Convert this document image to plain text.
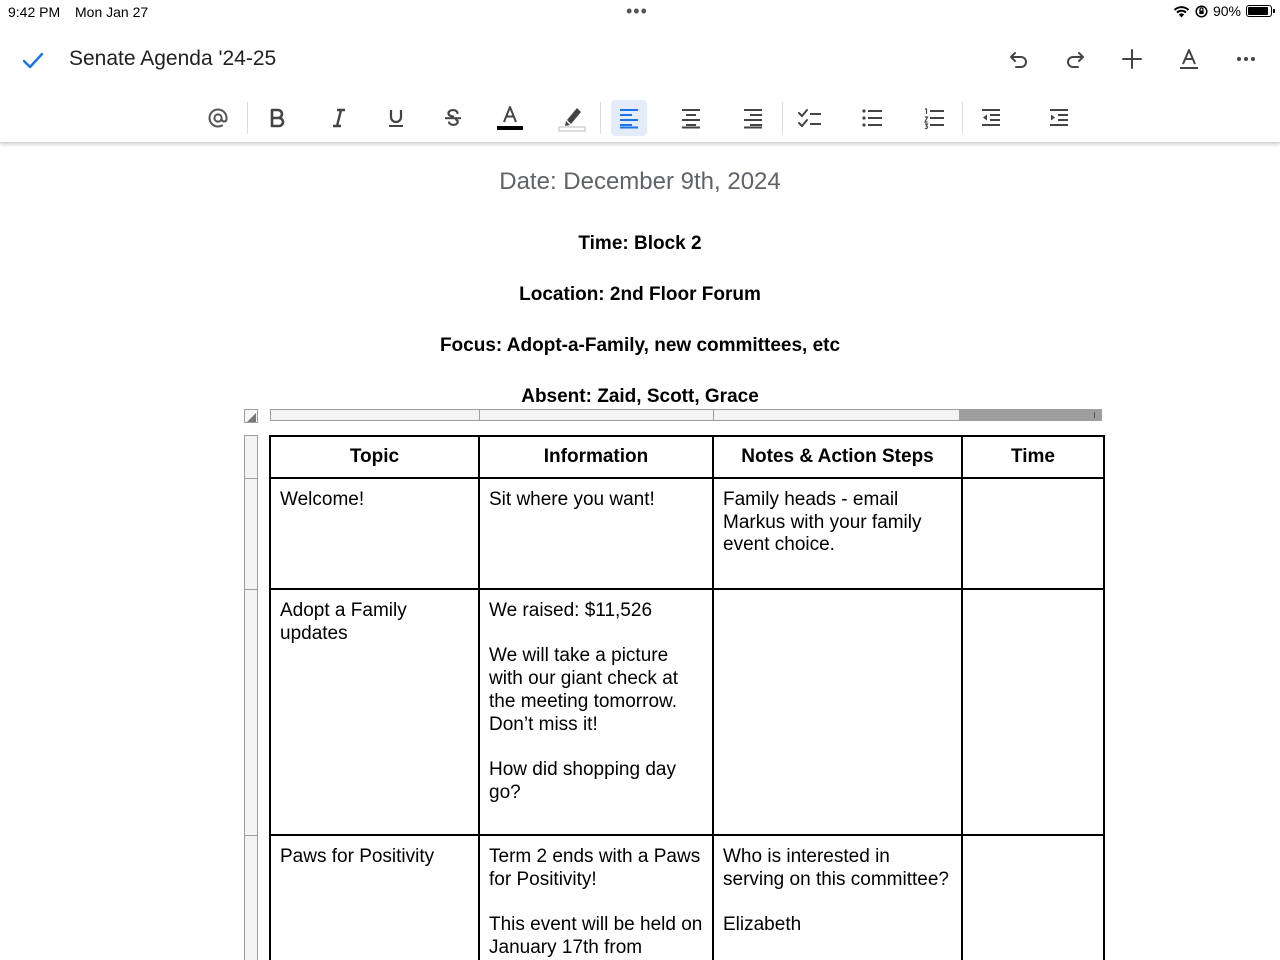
9:42 PM Mon Jan 27	•••	90%
Senate Agenda '24-25
Date: December 9th, 2024
Time: Block 2
Location: 2nd Floor Forum
Focus: Adopt-a-Family, new committees, etc
Absent: Zaid, Scott, Grace
Topic	Information	Notes & Action Steps	Time
Welcome!	Sit where you want!	Family heads - email Markus with your family event choice.	
Adopt a Family updates	We raised: $11,526

We will take a picture with our giant check at the meeting tomorrow. Don’t miss it!

How did shopping day go?		
Paws for Positivity	Term 2 ends with a Paws for Positivity!

This event will be held on January 17th from	Who is interested in serving on this committee?

Elizabeth	
